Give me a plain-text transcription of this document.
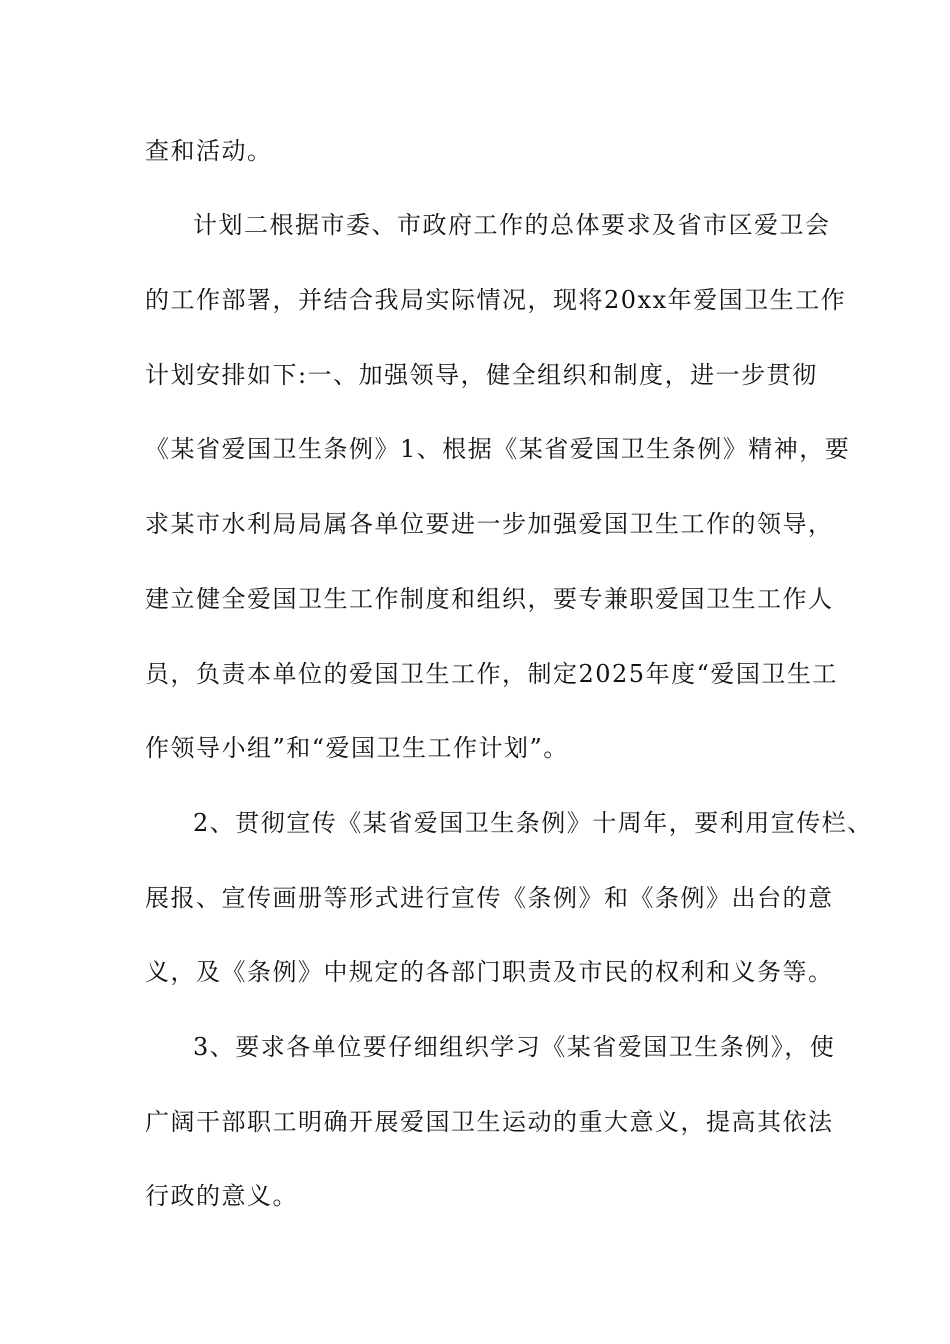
查和活动。
计划二根据市委、市政府工作的总体要求及省市区爱卫会
的工作部署，并结合我局实际情况，现将20xx年爱国卫生工作
计划安排如下:一、加强领导，健全组织和制度，进一步贯彻
《某省爱国卫生条例》1、根据《某省爱国卫生条例》精神，要
求某市水利局局属各单位要进一步加强爱国卫生工作的领导，
建立健全爱国卫生工作制度和组织，要专兼职爱国卫生工作人
员，负责本单位的爱国卫生工作，制定2025年度“爱国卫生工
作领导小组”和“爱国卫生工作计划”。
2、贯彻宣传《某省爱国卫生条例》十周年，要利用宣传栏、
展报、宣传画册等形式进行宣传《条例》和《条例》出台的意
义，及《条例》中规定的各部门职责及市民的权利和义务等。
3、要求各单位要仔细组织学习《某省爱国卫生条例》，使
广阔干部职工明确开展爱国卫生运动的重大意义，提高其依法
行政的意义。
